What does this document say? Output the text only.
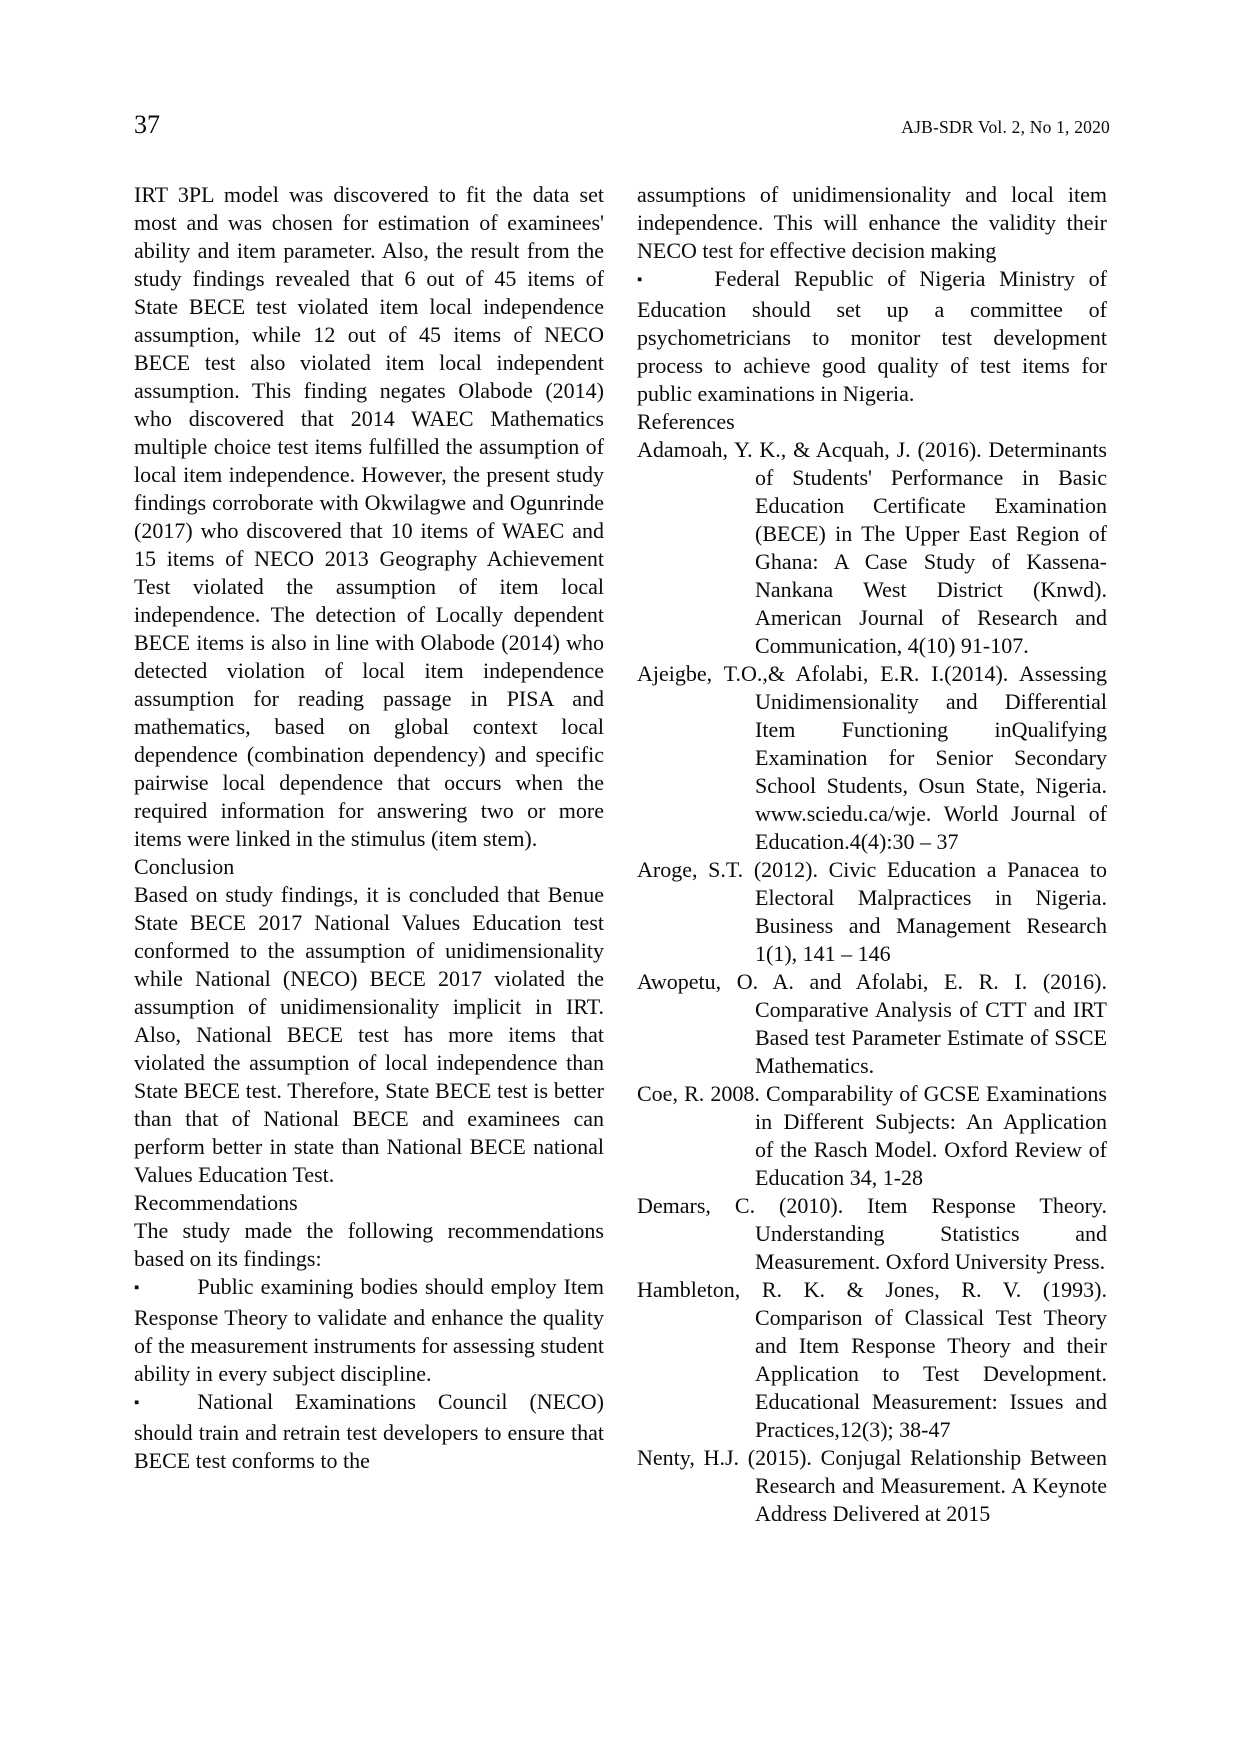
37	AJB-SDR Vol. 2, No 1, 2020

IRT 3PL model was discovered to fit the data set most and was chosen for estimation of examinees' ability and item parameter. Also, the result from the study findings revealed that 6 out of 45 items of State BECE test violated item local independence assumption, while 12 out of 45 items of NECO BECE test also violated item local independent assumption. This finding negates Olabode (2014) who discovered that 2014 WAEC Mathematics multiple choice test items fulfilled the assumption of local item independence. However, the present study findings corroborate with Okwilagwe and Ogunrinde (2017) who discovered that 10 items of WAEC and 15 items of NECO 2013 Geography Achievement Test violated the assumption of item local independence. The detection of Locally dependent BECE items is also in line with Olabode (2014) who detected violation of local item independence assumption for reading passage in PISA and mathematics, based on global context local dependence (combination dependency) and specific pairwise local dependence that occurs when the required information for answering two or more items were linked in the stimulus (item stem).

Conclusion

Based on study findings, it is concluded that Benue State BECE 2017 National Values Education test conformed to the assumption of unidimensionality while National (NECO) BECE 2017 violated the assumption of unidimensionality implicit in IRT. Also, National BECE test has more items that violated the assumption of local independence than State BECE test. Therefore, State BECE test is better than that of National BECE and examinees can perform better in state than National BECE national Values Education Test.

Recommendations

The study made the following recommendations based on its findings:

▪	Public examining bodies should employ Item Response Theory to validate and enhance the quality of the measurement instruments for assessing student ability in every subject discipline.

▪	National Examinations Council (NECO) should train and retrain test developers to ensure that BECE test conforms to the

assumptions of unidimensionality and local item independence. This will enhance the validity their NECO test for effective decision making

▪	Federal Republic of Nigeria Ministry of Education should set up a committee of psychometricians to monitor test development process to achieve good quality of test items for public examinations in Nigeria.

References

Adamoah, Y. K., & Acquah, J. (2016). Determinants of Students' Performance in Basic Education Certificate Examination (BECE) in The Upper East Region of Ghana: A Case Study of Kassena-Nankana West District (Knwd). American Journal of Research and Communication, 4(10) 91-107.

Ajeigbe, T.O.,& Afolabi, E.R. I.(2014). Assessing Unidimensionality and Differential Item Functioning inQualifying Examination for Senior Secondary School Students, Osun State, Nigeria. www.sciedu.ca/wje. World Journal of Education.4(4):30 – 37

Aroge, S.T. (2012). Civic Education a Panacea to Electoral Malpractices in Nigeria. Business and Management Research 1(1), 141 – 146

Awopetu, O. A. and Afolabi, E. R. I. (2016). Comparative Analysis of CTT and IRT Based test Parameter Estimate of SSCE Mathematics.

Coe, R. 2008. Comparability of GCSE Examinations in Different Subjects: An Application of the Rasch Model. Oxford Review of Education 34, 1-28

Demars, C. (2010). Item Response Theory. Understanding Statistics and Measurement. Oxford University Press.

Hambleton, R. K. & Jones, R. V. (1993). Comparison of Classical Test Theory and Item Response Theory and their Application to Test Development. Educational Measurement: Issues and Practices,12(3); 38-47

Nenty, H.J. (2015). Conjugal Relationship Between Research and Measurement. A Keynote Address Delivered at 2015
